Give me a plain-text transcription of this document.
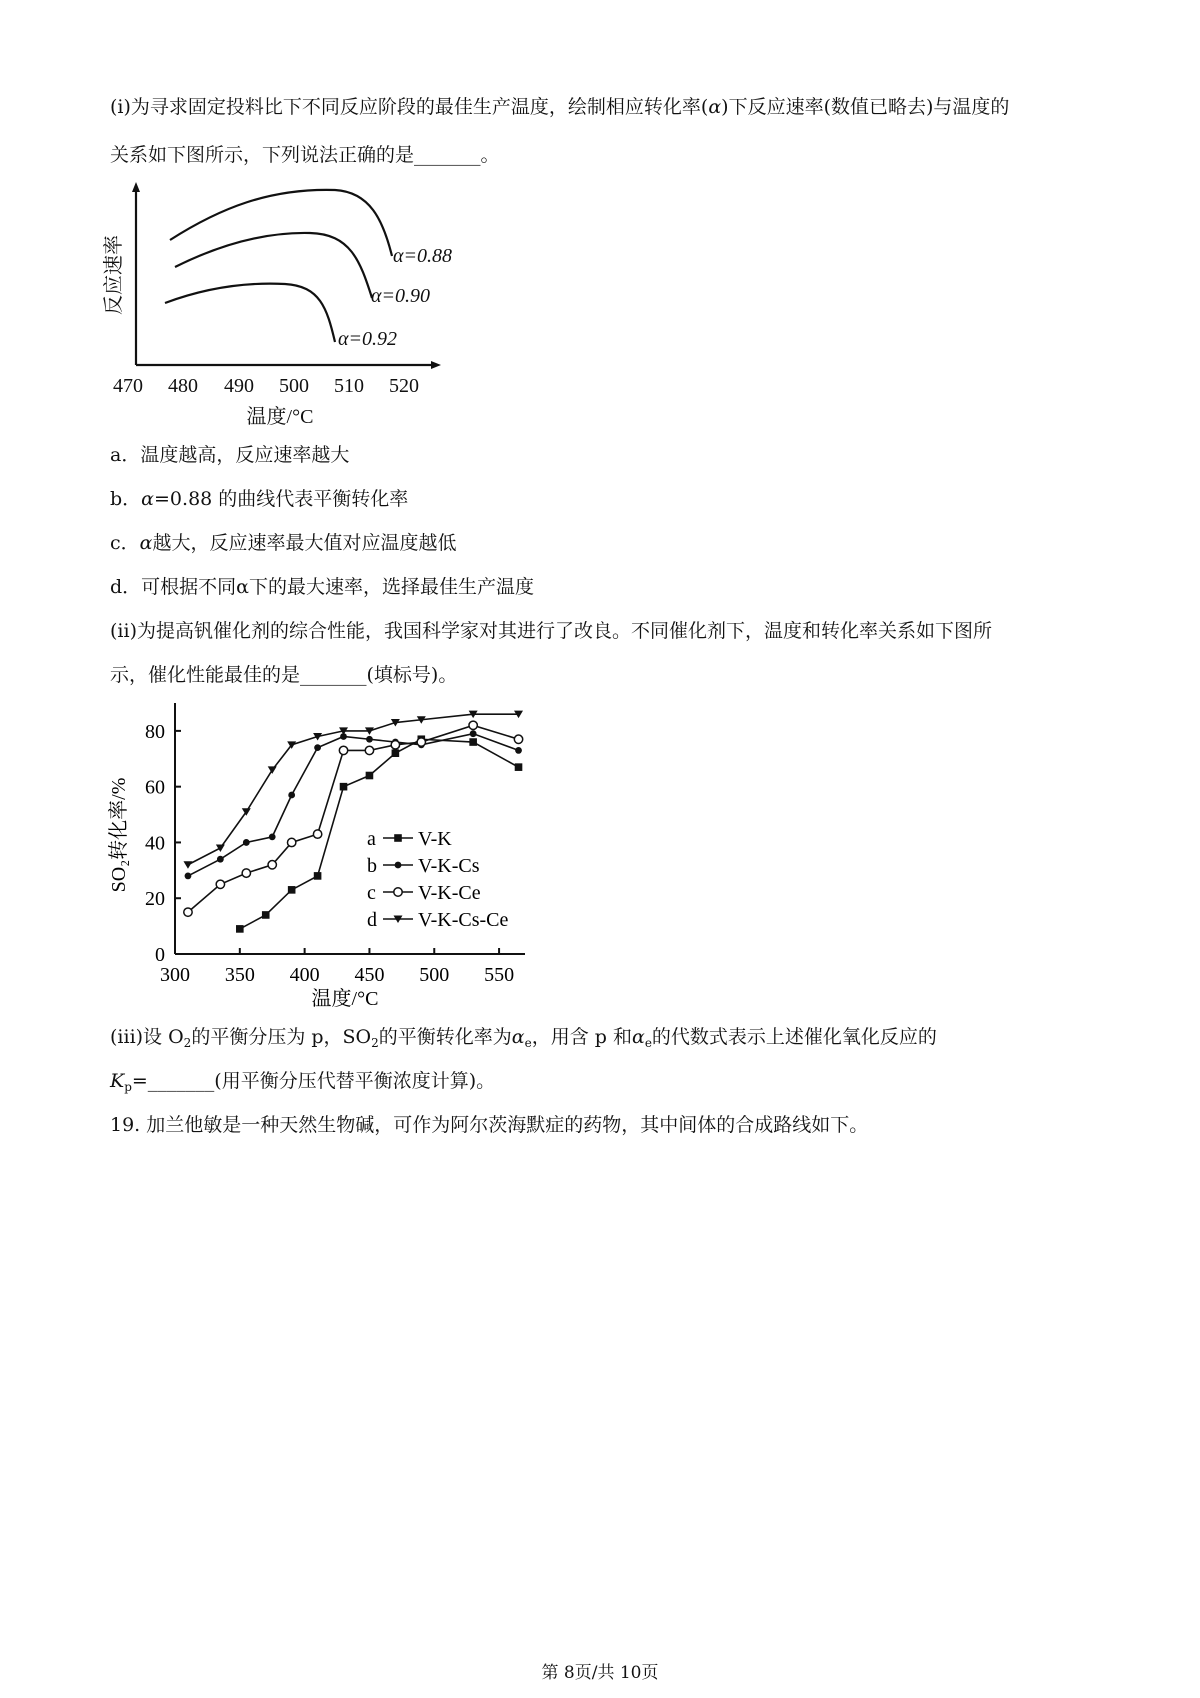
(i)为寻求固定投料比下不同反应阶段的最佳生产温度，绘制相应转化率(α)下反应速率(数值已略去)与温度的
关系如下图所示，下列说法正确的是_______。
470 480 490 500 510 520
温度/°C
反应速率	α=0.88
α=0.90
α=0.92
a．温度越高，反应速率越大
b．α=0.88 的曲线代表平衡转化率
c．α越大，反应速率最大值对应温度越低
d．可根据不同α下的最大速率，选择最佳生产温度
(ii)为提高钒催化剂的综合性能，我国科学家对其进行了改良。不同催化剂下，温度和转化率关系如下图所
示，催化性能最佳的是_______(填标号)。
0
20
40
60
80
300 350 400 450 500 550
a V-K
b V-K-Cs
c V-K-Ce
d V-K-Cs-Ce
SO₂转化率/%
温度/°C
(iii)设 $O_2$的平衡分压为 p，$SO_2$的平衡转化率为$\alpha_e$，用含 p 和$\alpha_e$的代数式表示上述催化氧化反应的
$K_p=\_\_\_\_\_\_\_$(用平衡分压代替平衡浓度计算)。
19. 加兰他敏是一种天然生物碱，可作为阿尔茨海默症的药物，其中间体的合成路线如下。
第 8页/共 10页
